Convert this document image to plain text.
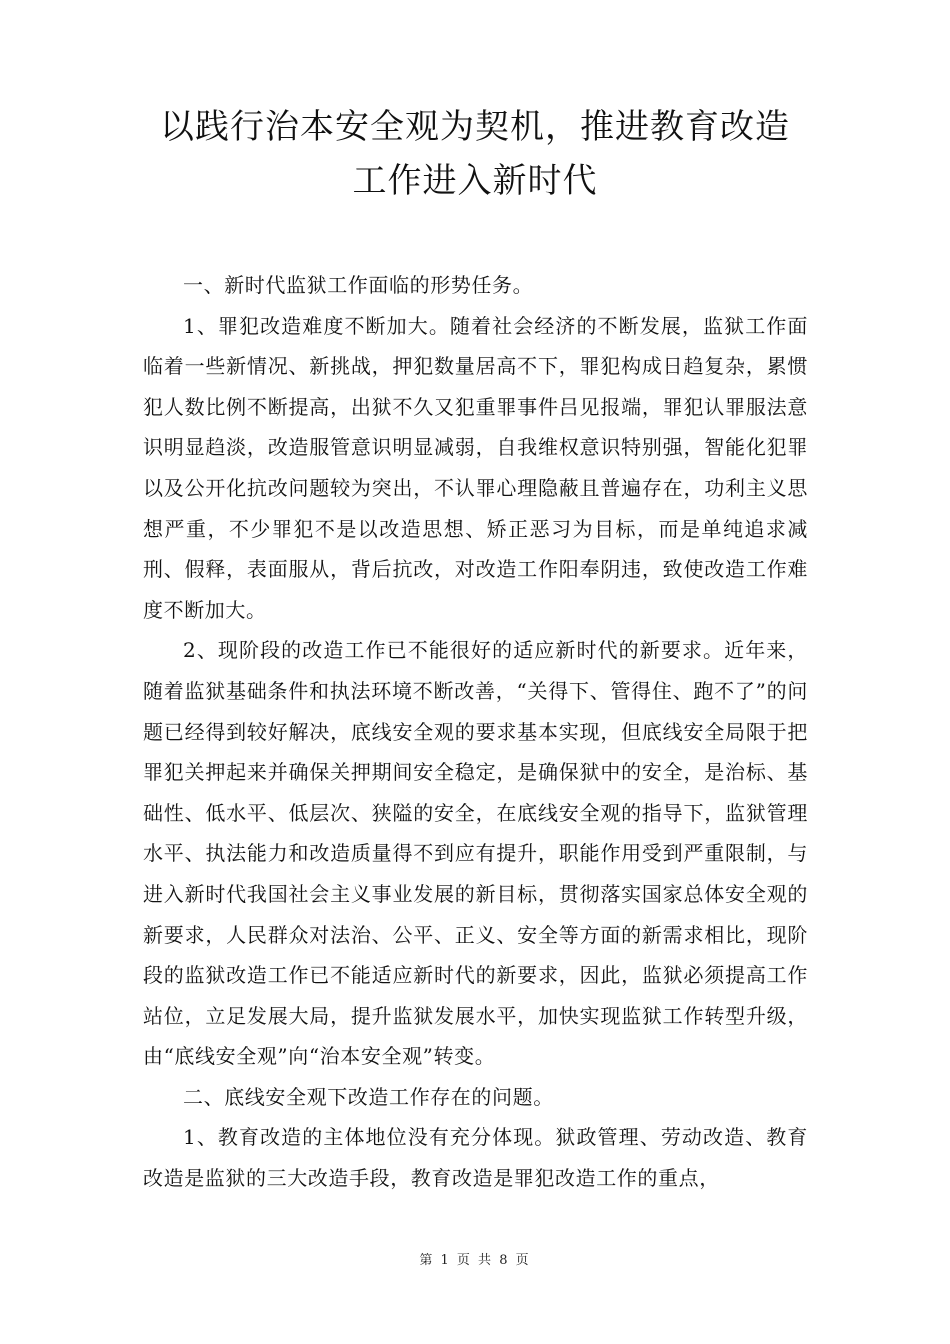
以践行治本安全观为契机，推进教育改造
工作进入新时代

一、新时代监狱工作面临的形势任务。

1、罪犯改造难度不断加大。随着社会经济的不断发展，监狱工作面临着一些新情况、新挑战，押犯数量居高不下，罪犯构成日趋复杂，累惯犯人数比例不断提高，出狱不久又犯重罪事件吕见报端，罪犯认罪服法意识明显趋淡，改造服管意识明显减弱，自我维权意识特别强，智能化犯罪以及公开化抗改问题较为突出，不认罪心理隐蔽且普遍存在，功利主义思想严重，不少罪犯不是以改造思想、矫正恶习为目标，而是单纯追求减刑、假释，表面服从，背后抗改，对改造工作阳奉阴违，致使改造工作难度不断加大。

2、现阶段的改造工作已不能很好的适应新时代的新要求。近年来，随着监狱基础条件和执法环境不断改善，“关得下、管得住、跑不了”的问题已经得到较好解决，底线安全观的要求基本实现，但底线安全局限于把罪犯关押起来并确保关押期间安全稳定，是确保狱中的安全，是治标、基础性、低水平、低层次、狭隘的安全，在底线安全观的指导下，监狱管理水平、执法能力和改造质量得不到应有提升，职能作用受到严重限制，与进入新时代我国社会主义事业发展的新目标，贯彻落实国家总体安全观的新要求，人民群众对法治、公平、正义、安全等方面的新需求相比，现阶段的监狱改造工作已不能适应新时代的新要求，因此，监狱必须提高工作站位，立足发展大局，提升监狱发展水平，加快实现监狱工作转型升级，由“底线安全观”向“治本安全观”转变。

二、底线安全观下改造工作存在的问题。

1、教育改造的主体地位没有充分体现。狱政管理、劳动改造、教育改造是监狱的三大改造手段，教育改造是罪犯改造工作的重点，

第 1 页 共 8 页
